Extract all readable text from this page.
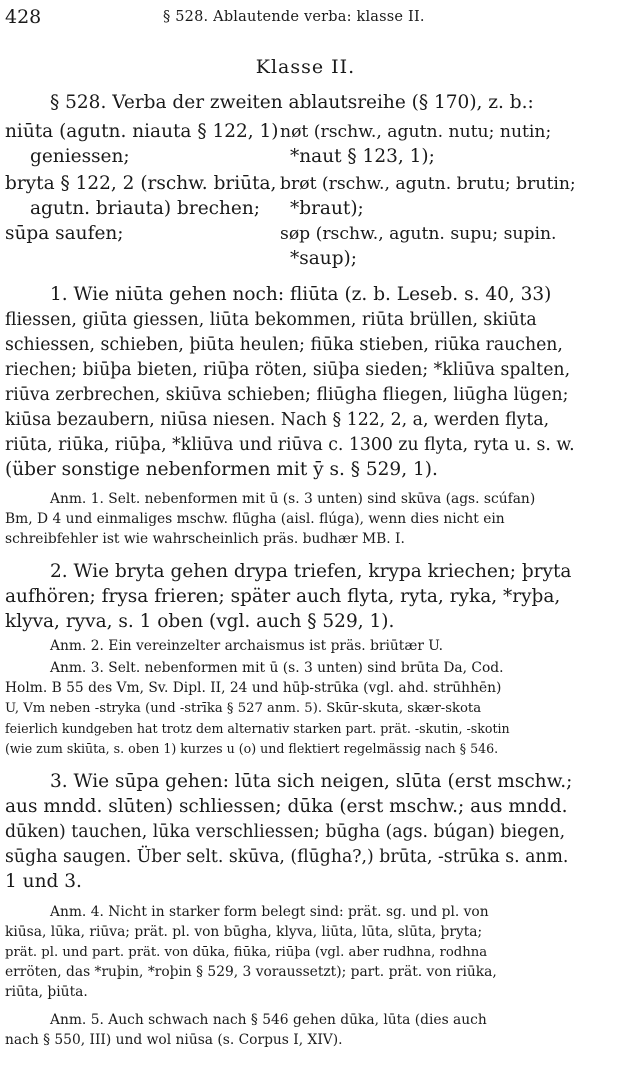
428	§ 528. Ablautende verba: klasse II.
Klasse II.
§ 528. Verba der zweiten ablautsreihe (§ 170), z. b.:
niūta (agutn. niauta § 122, 1)
geniessen;
bryta § 122, 2 (rschw. briūta,
agutn. briauta) brechen;
sūpa saufen;
nøt (rschw., agutn. nutu; nutin;
*naut § 123, 1);
brøt (rschw., agutn. brutu; brutin;
*braut);
søp (rschw., agutn. supu; supin.
*saup);
1. Wie niūta gehen noch: fliūta (z. b. Leseb. s. 40, 33)
fliessen, giūta giessen, liūta bekommen, riūta brüllen, skiūta
schiessen, schieben, þiūta heulen; fiūka stieben, riūka rauchen,
riechen; biūþa bieten, riūþa röten, siūþa sieden; *kliūva spalten,
riūva zerbrechen, skiūva schieben; fliūgha fliegen, liūgha lügen;
kiūsa bezaubern, niūsa niesen. Nach § 122, 2, a, werden flyta,
riūta, riūka, riūþa, *kliūva und riūva c. 1300 zu flyta, ryta u. s. w.
(über sonstige nebenformen mit ȳ s. § 529, 1).
Anm. 1. Selt. nebenformen mit ū (s. 3 unten) sind skūva (ags. scúfan)
Bm, D 4 und einmaliges mschw. flūgha (aisl. flúga), wenn dies nicht ein
schreibfehler ist wie wahrscheinlich präs. budhær MB. I.
2. Wie bryta gehen drypa triefen, krypa kriechen; þryta
aufhören; frysa frieren; später auch flyta, ryta, ryka, *ryþa,
klyva, ryva, s. 1 oben (vgl. auch § 529, 1).
Anm. 2. Ein vereinzelter archaismus ist präs. briūtær U.
Anm. 3. Selt. nebenformen mit ū (s. 3 unten) sind brūta Da, Cod.
Holm. B 55 des Vm, Sv. Dipl. II, 24 und hūþ-strūka (vgl. ahd. strūhhēn)
U, Vm neben -stryka (und -strīka § 527 anm. 5). Skūr-skuta, skær-skota
feierlich kundgeben hat trotz dem alternativ starken part. prät. -skutin, -skotin
(wie zum skiūta, s. oben 1) kurzes u (o) und flektiert regelmässig nach § 546.
3. Wie sūpa gehen: lūta sich neigen, slūta (erst mschw.;
aus mndd. slūten) schliessen; dūka (erst mschw.; aus mndd.
dūken) tauchen, lūka verschliessen; būgha (ags. búgan) biegen,
sūgha saugen. Über selt. skūva, (flūgha?,) brūta, -strūka s. anm.
1 und 3.
Anm. 4. Nicht in starker form belegt sind: prät. sg. und pl. von
kiūsa, lūka, riūva; prät. pl. von būgha, klyva, liūta, lūta, slūta, þryta;
prät. pl. und part. prät. von dūka, fiūka, riūþa (vgl. aber rudhna, rodhna
erröten, das *ruþin, *roþin § 529, 3 voraussetzt); part. prät. von riūka,
riūta, þiūta.
Anm. 5. Auch schwach nach § 546 gehen dūka, lūta (dies auch
nach § 550, III) und wol niūsa (s. Corpus I, XIV).
